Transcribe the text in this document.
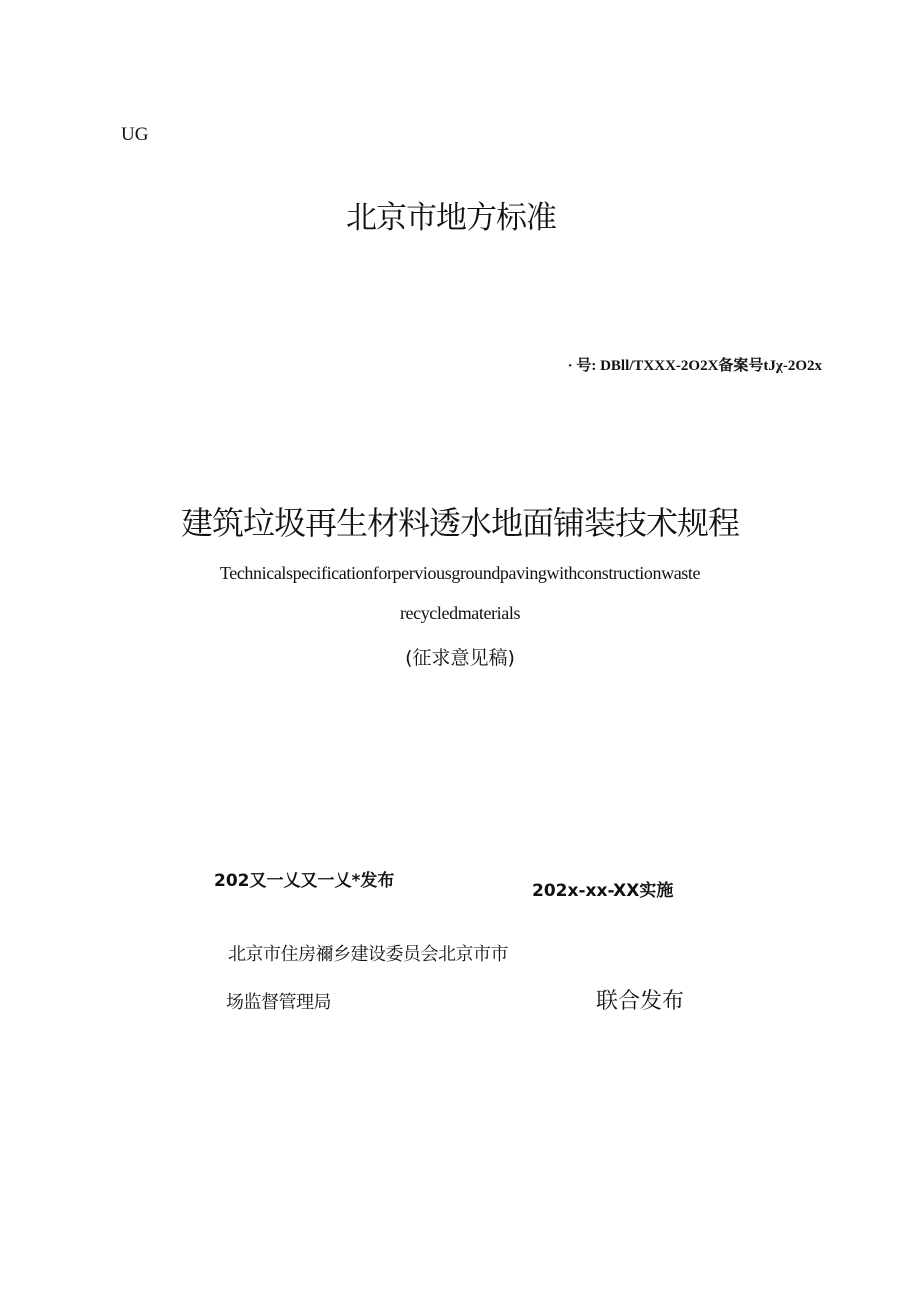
UG
北京市地方标准
· 号: DBll/TXXX-2O2X备案号tJχ-2O2x
建筑垃圾再生材料透水地面铺装技术规程
Technicalspecificationforperviousgroundpavingwithconstructionwaste
recycledmaterials
(征求意见稿)
202又一乂又一乂*发布	202x-xx-XX实施
北京市住房禰乡建设委员会北京市市
场监督管理局	联合发布
